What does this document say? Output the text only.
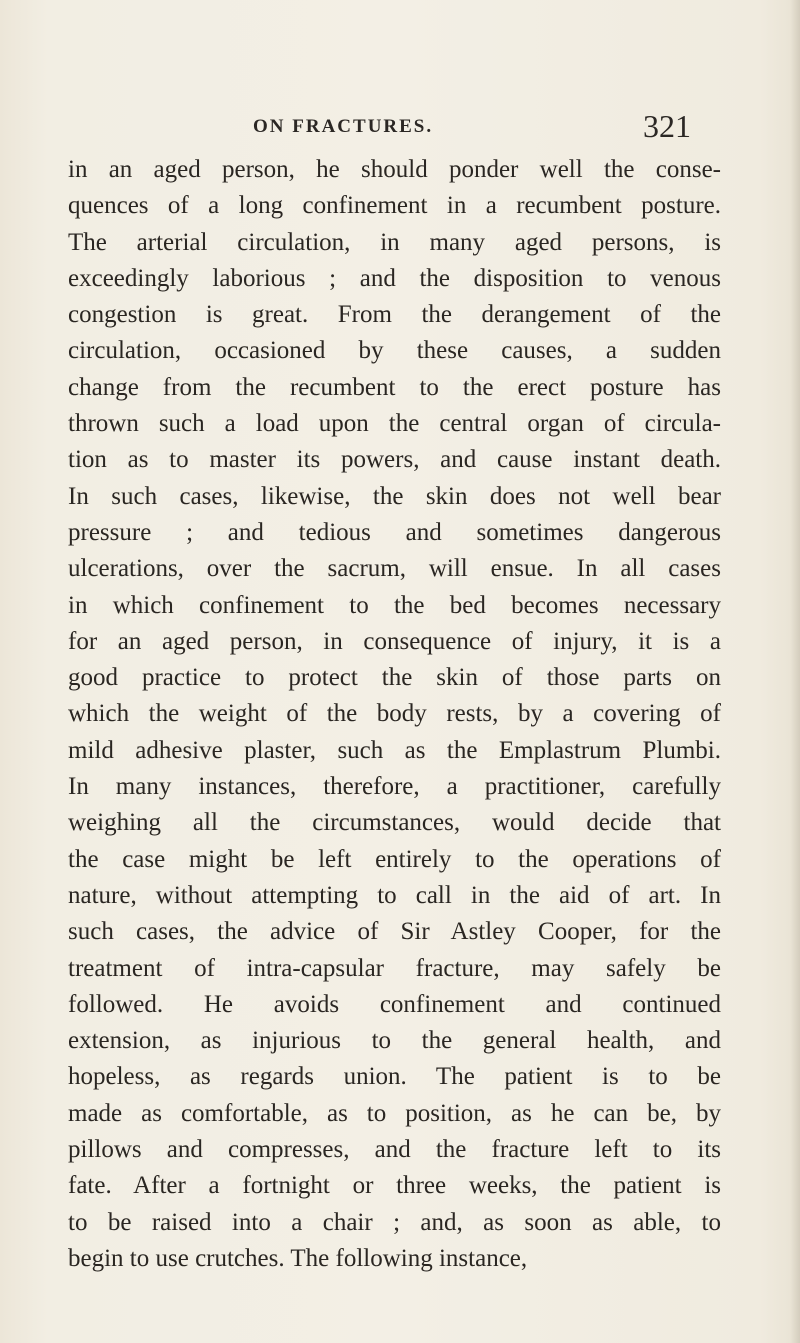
ON FRACTURES.	321
in an aged person, he should ponder well the conse-
quences of a long confinement in a recumbent posture.
The arterial circulation, in many aged persons, is
exceedingly laborious ; and the disposition to venous
congestion is great. From the derangement of the
circulation, occasioned by these causes, a sudden
change from the recumbent to the erect posture has
thrown such a load upon the central organ of circula-
tion as to master its powers, and cause instant death.
In such cases, likewise, the skin does not well bear
pressure ; and tedious and sometimes dangerous
ulcerations, over the sacrum, will ensue. In all cases
in which confinement to the bed becomes necessary
for an aged person, in consequence of injury, it is a
good practice to protect the skin of those parts on
which the weight of the body rests, by a covering of
mild adhesive plaster, such as the Emplastrum Plumbi.
In many instances, therefore, a practitioner, carefully
weighing all the circumstances, would decide that
the case might be left entirely to the operations of
nature, without attempting to call in the aid of art. In
such cases, the advice of Sir Astley Cooper, for the
treatment of intra-capsular fracture, may safely be
followed. He avoids confinement and continued
extension, as injurious to the general health, and
hopeless, as regards union. The patient is to be
made as comfortable, as to position, as he can be, by
pillows and compresses, and the fracture left to its
fate. After a fortnight or three weeks, the patient is
to be raised into a chair ; and, as soon as able, to
begin to use crutches. The following instance,
